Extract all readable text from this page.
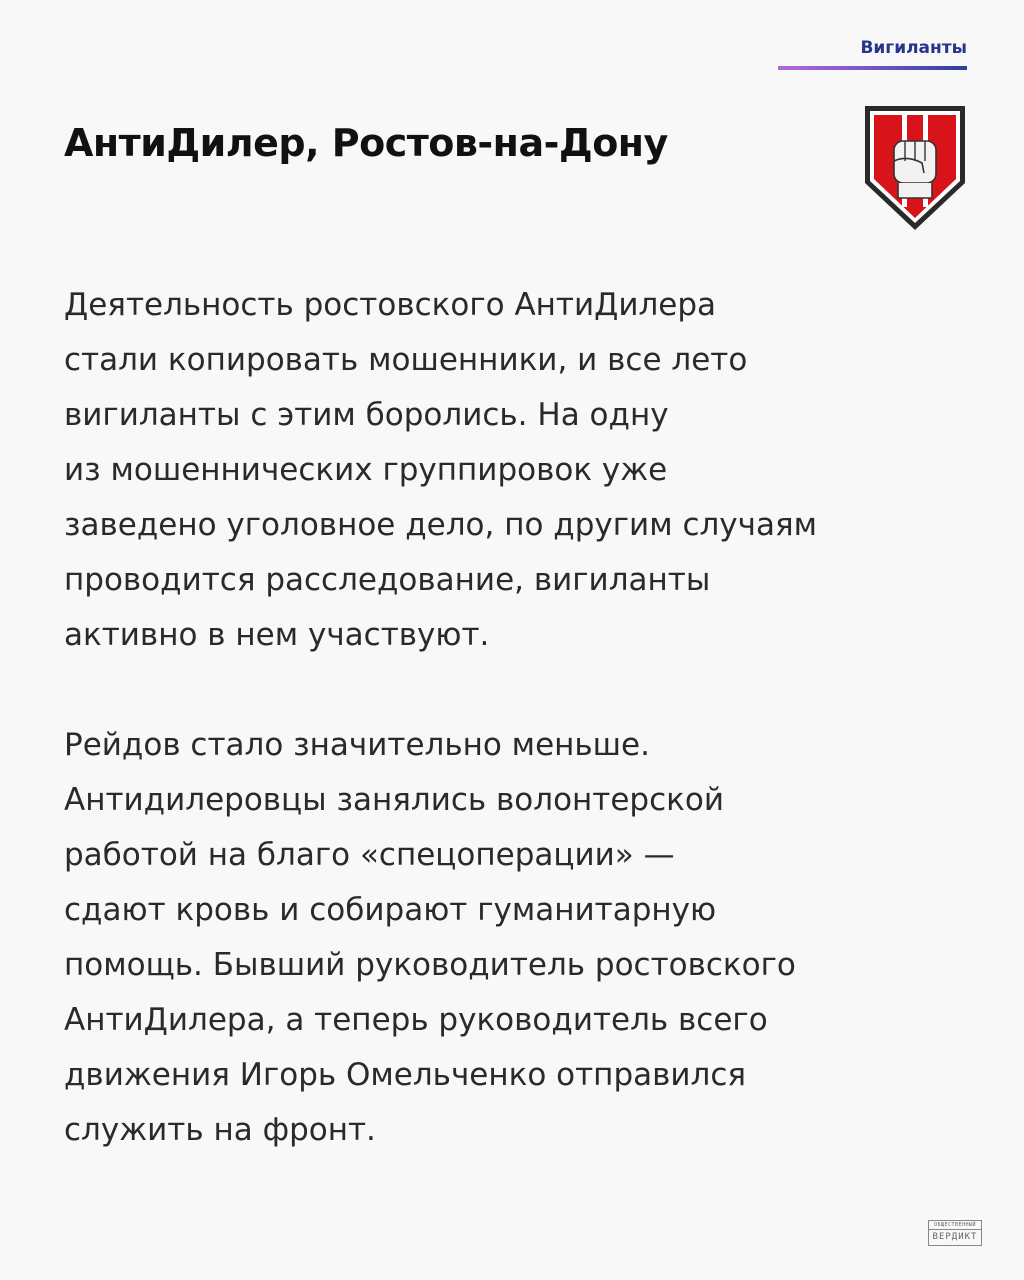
Вигиланты
АнтиДилер, Ростов-на-Дону

Деятельность ростовского АнтиДилера
стали копировать мошенники, и все лето
вигиланты с этим боролись. На одну
из мошеннических группировок уже
заведено уголовное дело, по другим случаям
проводится расследование, вигиланты
активно в нем участвуют.

Рейдов стало значительно меньше.
Антидилеровцы занялись волонтерской
работой на благо «спецоперации» —
сдают кровь и собирают гуманитарную
помощь. Бывший руководитель ростовского
АнтиДилера, а теперь руководитель всего
движения Игорь Омельченко отправился
служить на фронт.

ОБЩЕСТВЕННЫЙ
ВЕРДИКТ
